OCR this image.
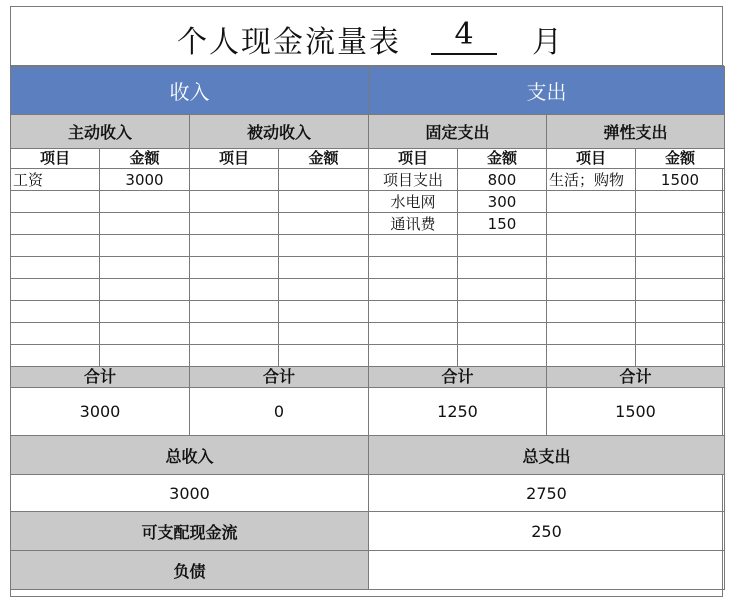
个人现金流量表	4	月
收入				支出			
主动收入		被动收入		固定支出		弹性支出	
项目	金额	项目	金额	项目	金额	项目	金额
工资	3000			项目支出	800	生活；购物	1500
				水电网	300		
				通讯费	150		

合计		合计		合计		合计	
3000		0		1250		1500	
总收入				总支出			
3000				2750			
可支配现金流				250			
负债							
